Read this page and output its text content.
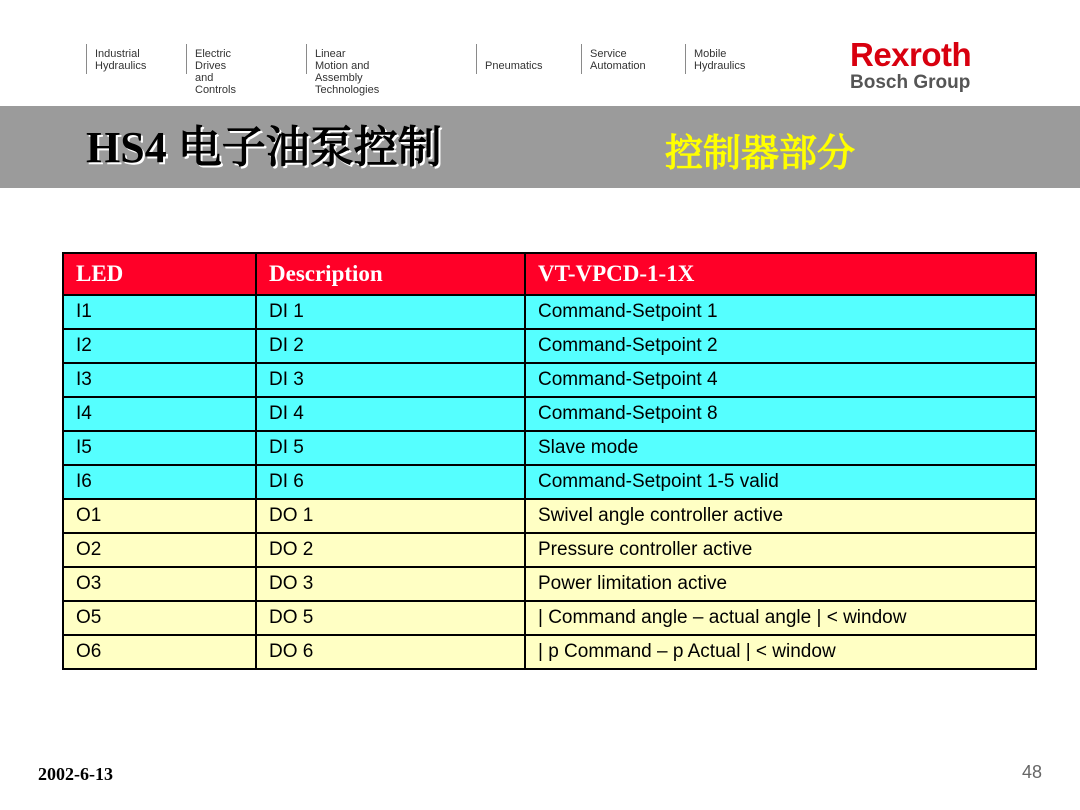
Industrial
Hydraulics
Electric Drives
and Controls
Linear Motion and
Assembly Technologies
Pneumatics
Service
Automation
Mobile
Hydraulics	Rexroth
Bosch Group
HS4 电子油泵控制	控制器部分
LED	Description	VT-VPCD-1-1X
I1	DI 1	Command-Setpoint 1
I2	DI 2	Command-Setpoint 2
I3	DI 3	Command-Setpoint 4
I4	DI 4	Command-Setpoint 8
I5	DI 5	Slave mode
I6	DI 6	Command-Setpoint 1-5 valid
O1	DO 1	Swivel angle controller active
O2	DO 2	Pressure controller active
O3	DO 3	Power limitation active
O5	DO 5	| Command angle – actual angle | < window
O6	DO 6	| p Command – p Actual | < window
2002-6-13	48
